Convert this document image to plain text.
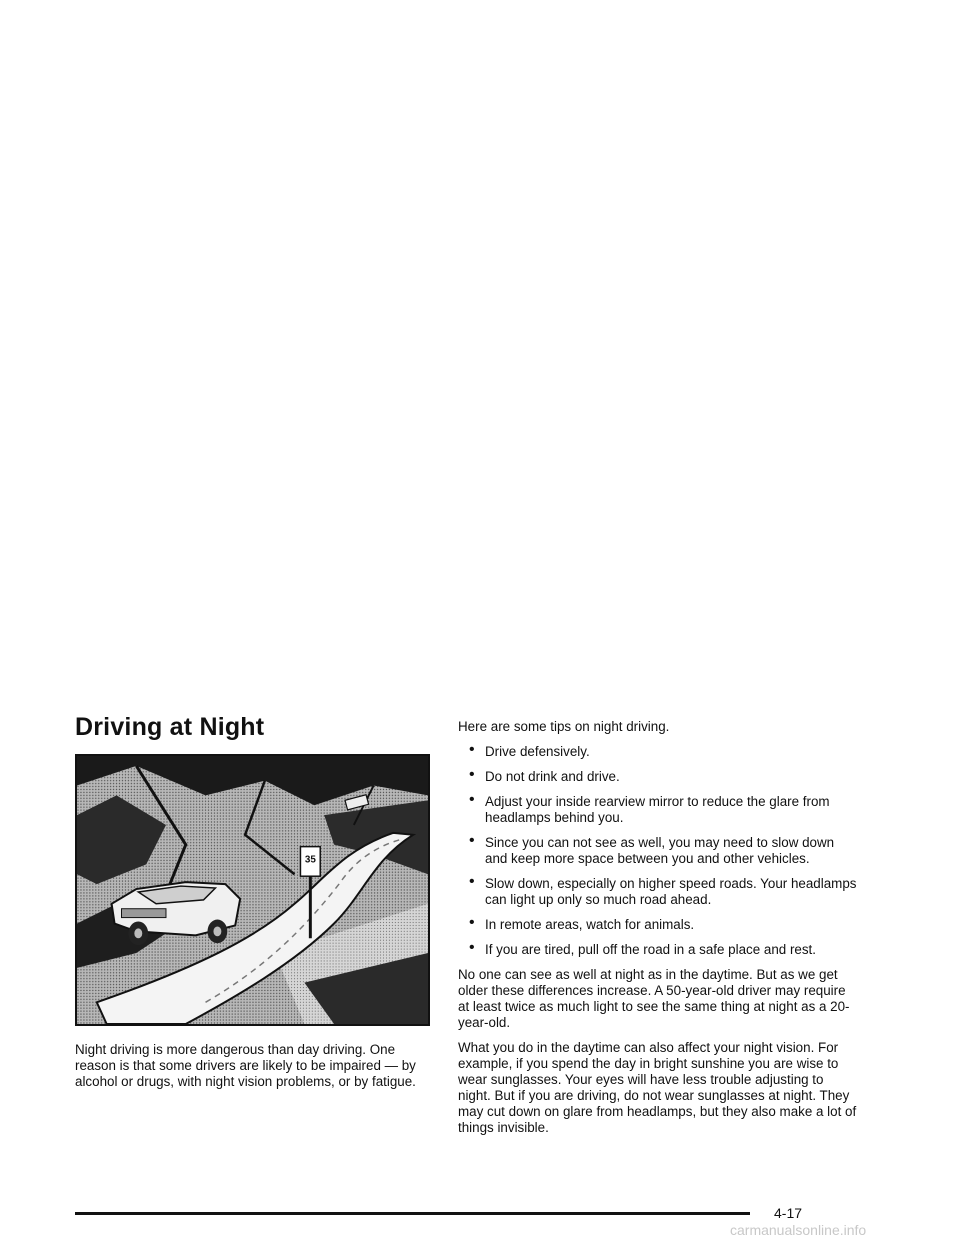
Driving at Night
35

Night driving is more dangerous than day driving. One reason is that some drivers are likely to be impaired — by alcohol or drugs, with night vision problems, or by fatigue.

Here are some tips on night driving.

• Drive defensively.
• Do not drink and drive.
• Adjust your inside rearview mirror to reduce the glare from headlamps behind you.
• Since you can not see as well, you may need to slow down and keep more space between you and other vehicles.
• Slow down, especially on higher speed roads. Your headlamps can light up only so much road ahead.
• In remote areas, watch for animals.
• If you are tired, pull off the road in a safe place and rest.

No one can see as well at night as in the daytime. But as we get older these differences increase. A 50-year-old driver may require at least twice as much light to see the same thing at night as a 20-year-old.

What you do in the daytime can also affect your night vision. For example, if you spend the day in bright sunshine you are wise to wear sunglasses. Your eyes will have less trouble adjusting to night. But if you are driving, do not wear sunglasses at night. They may cut down on glare from headlamps, but they also make a lot of things invisible.

4-17
carmanualsonline.info
